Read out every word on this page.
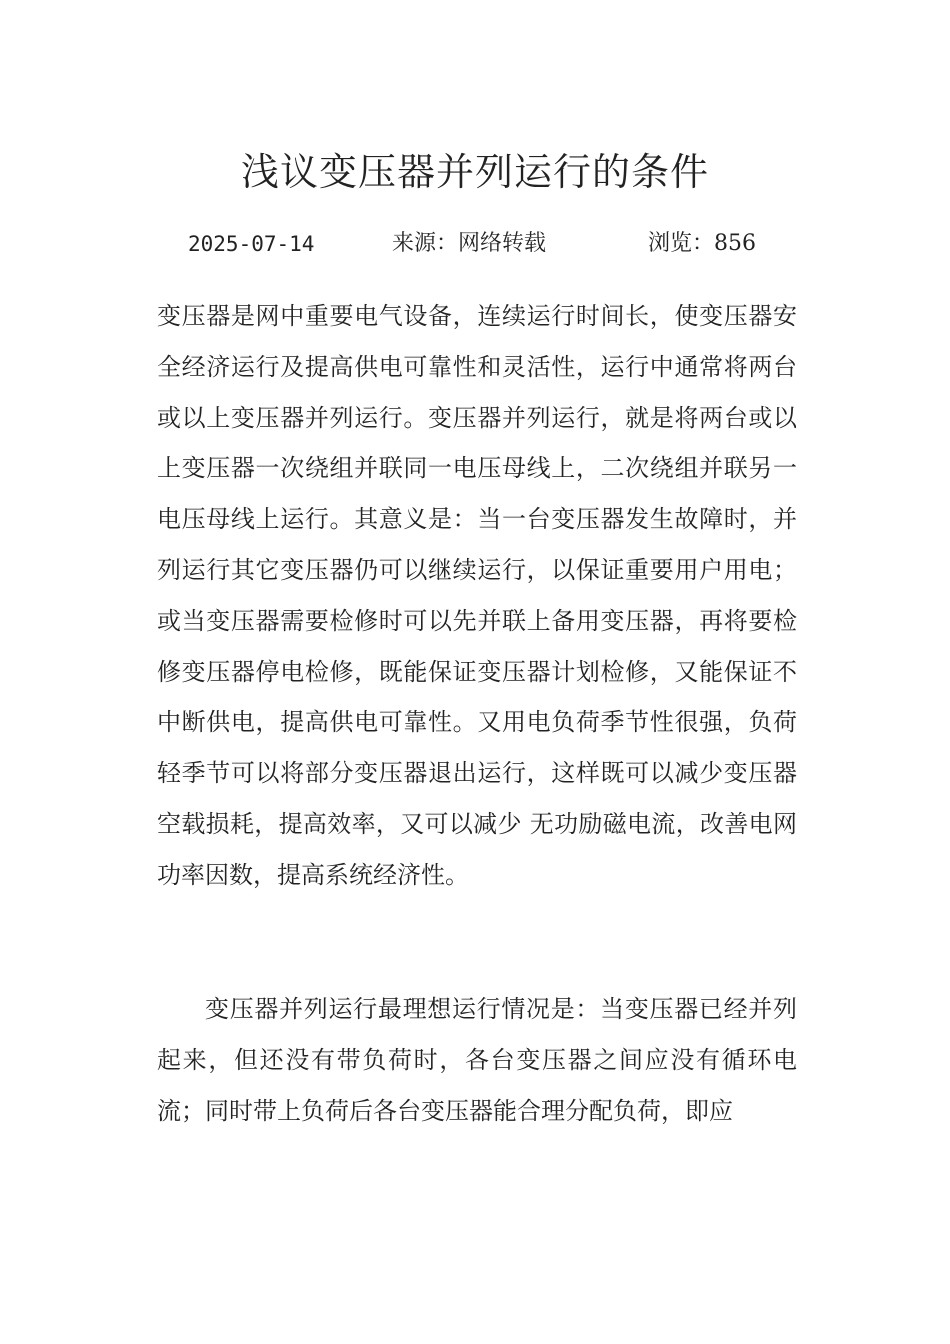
浅议变压器并列运行的条件
2025-07-14	来源：网络转载	浏览：856

变压器是网中重要电气设备，连续运行时间长，使变压器安全经济运行及提高供电可靠性和灵活性，运行中通常将两台或以上变压器并列运行。变压器并列运行，就是将两台或以上变压器一次绕组并联同一电压母线上，二次绕组并联另一电压母线上运行。其意义是：当一台变压器发生故障时，并列运行其它变压器仍可以继续运行，以保证重要用户用电；或当变压器需要检修时可以先并联上备用变压器，再将要检修变压器停电检修，既能保证变压器计划检修，又能保证不中断供电，提高供电可靠性。又用电负荷季节性很强，负荷轻季节可以将部分变压器退出运行，这样既可以减少变压器空载损耗，提高效率，又可以减少 无功励磁电流，改善电网功率因数，提高系统经济性。

变压器并列运行最理想运行情况是：当变压器已经并列起来，但还没有带负荷时，各台变压器之间应没有循环电流；同时带上负荷后各台变压器能合理分配负荷，即应
